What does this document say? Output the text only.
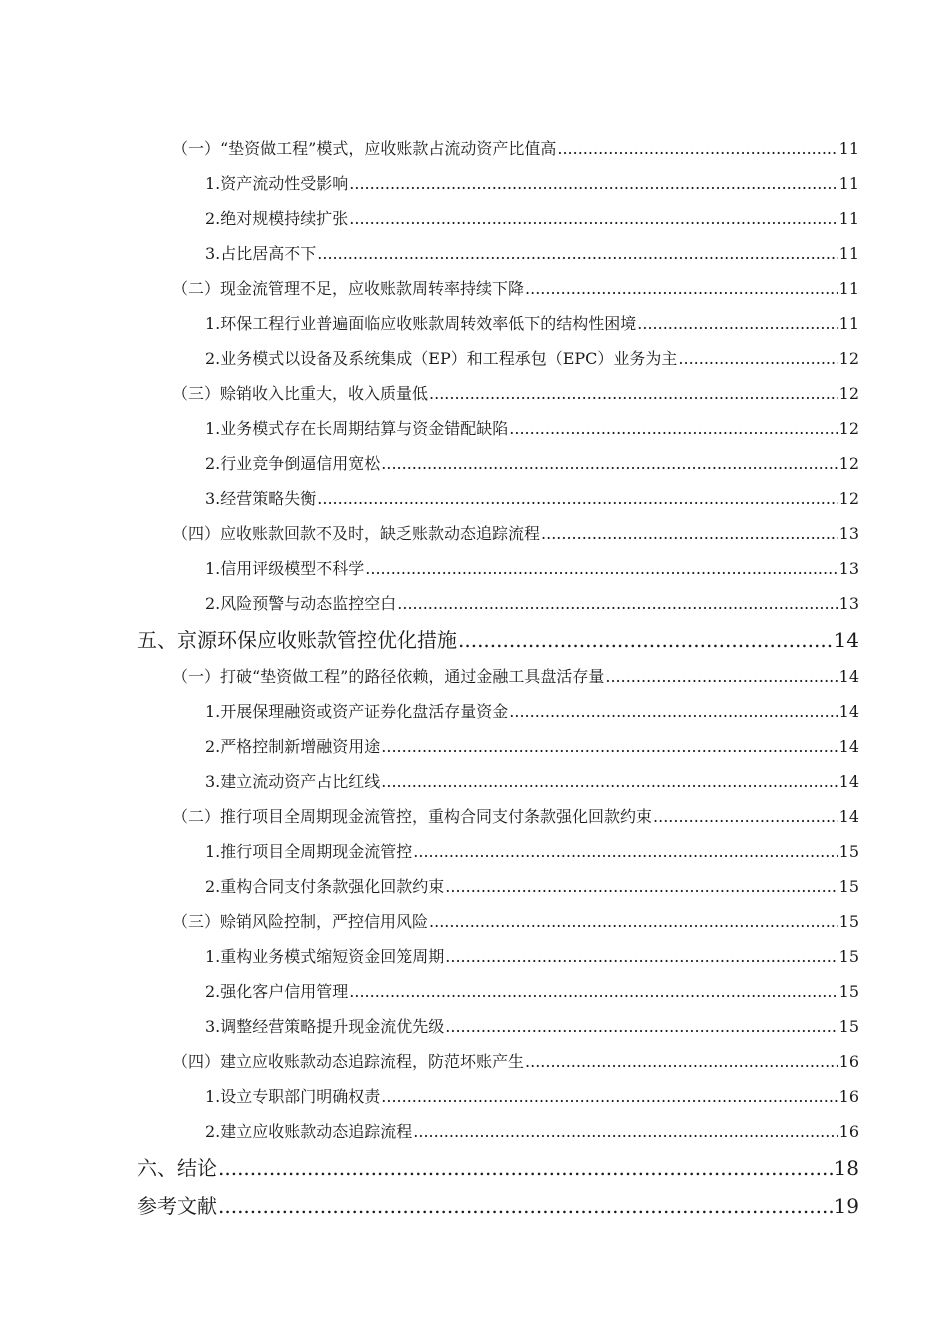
（一）“垫资做工程”模式，应收账款占流动资产比值高 .....	11
1.资产流动性受影响 .....	11
2.绝对规模持续扩张 .....	11
3.占比居高不下 .....	11
（二）现金流管理不足，应收账款周转率持续下降 .....	11
1.环保工程行业普遍面临应收账款周转效率低下的结构性困境 .....	11
2.业务模式以设备及系统集成（EP）和工程承包（EPC）业务为主 .....	12
（三）赊销收入比重大，收入质量低 .....	12
1.业务模式存在长周期结算与资金错配缺陷 .....	12
2.行业竞争倒逼信用宽松 .....	12
3.经营策略失衡 .....	12
（四）应收账款回款不及时，缺乏账款动态追踪流程 .....	13
1.信用评级模型不科学 .....	13
2.风险预警与动态监控空白 .....	13
五、京源环保应收账款管控优化措施 .....	14
（一）打破“垫资做工程”的路径依赖，通过金融工具盘活存量 .....	14
1.开展保理融资或资产证券化盘活存量资金 .....	14
2.严格控制新增融资用途 .....	14
3.建立流动资产占比红线 .....	14
（二）推行项目全周期现金流管控，重构合同支付条款强化回款约束 .....	14
1.推行项目全周期现金流管控 .....	15
2.重构合同支付条款强化回款约束 .....	15
（三）赊销风险控制，严控信用风险 .....	15
1.重构业务模式缩短资金回笼周期 .....	15
2.强化客户信用管理 .....	15
3.调整经营策略提升现金流优先级 .....	15
（四）建立应收账款动态追踪流程，防范坏账产生 .....	16
1.设立专职部门明确权责 .....	16
2.建立应收账款动态追踪流程 .....	16
六、结论 .....	18
参考文献 .....	19
